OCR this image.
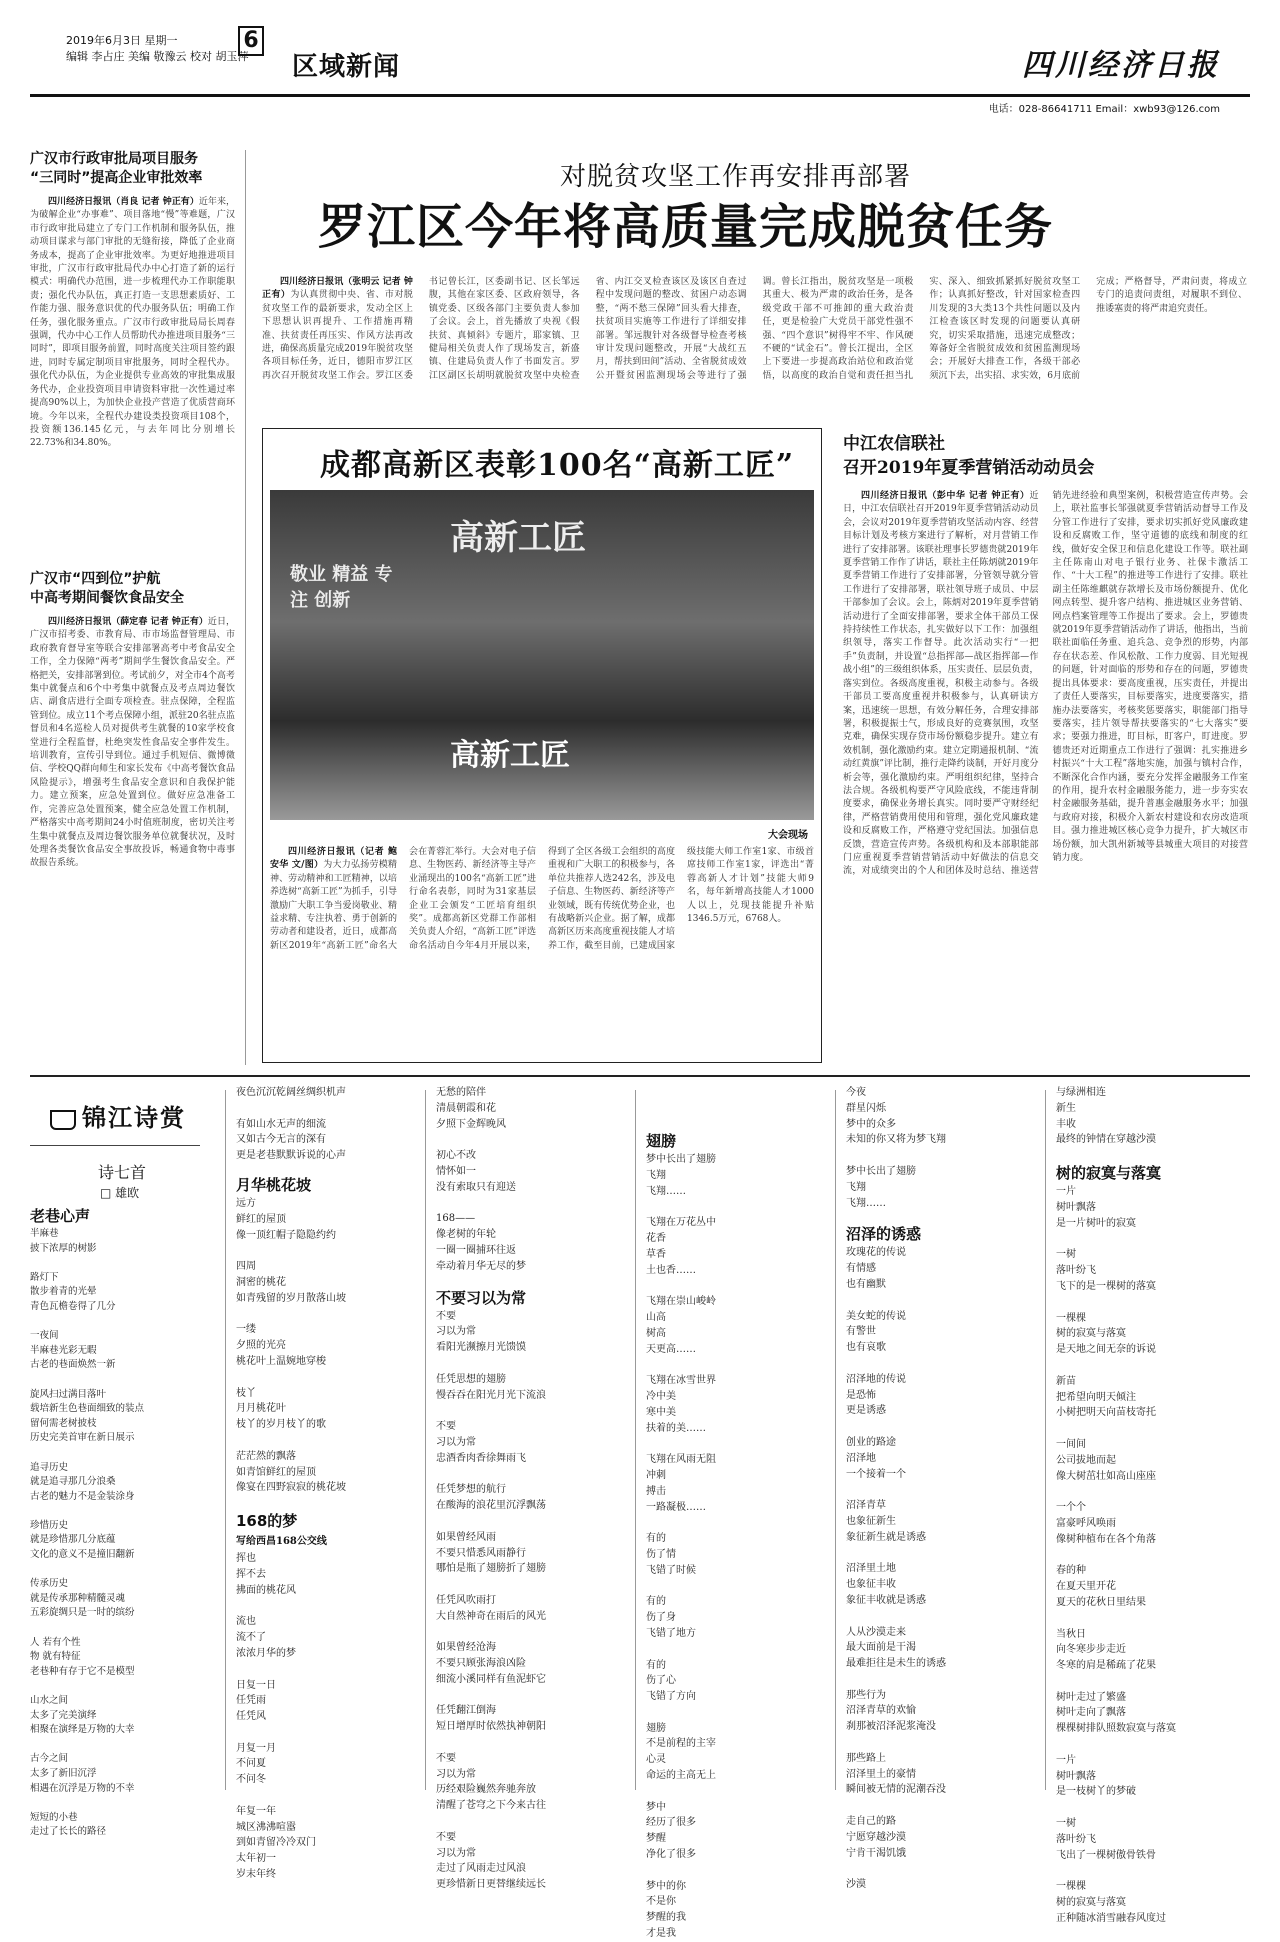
2019年6月3日 星期一
编辑 李占庄 美编 敬豫云 校对 胡玉萍
6
区域新闻	四川经济日报
电话：028-86641711 Email：xwb93@126.com
广汉市行政审批局项目服务
“三同时”提高企业审批效率

四川经济日报讯（肖良 记者 钟正有）近年来，为破解企业“办事难”、项目落地“慢”等难题，广汉市行政审批局建立了专门工作机制和服务队伍，推动项目谋求与部门审批的无缝衔接，降低了企业商务成本，提高了企业审批效率。为更好地推进项目审批，广汉市行政审批局代办中心打造了新的运行模式：明确代办范围，进一步梳理代办工作职能职责；强化代办队伍，真正打造一支思想素质好、工作能力强、服务意识优的代办服务队伍；明确工作任务，强化服务重点。广汉市行政审批局局长周春强调，代办中心工作人员帮助代办推进项目服务“三同时”，即项目服务前置，同时高度关注项目签约跟进，同时专属定制项目审批服务，同时全程代办。强化代办队伍，为企业提供专业高效的审批集成服务代办，企业投资项目申请资料审批一次性通过率提高90%以上，为加快企业投产营造了优质营商环境。今年以来，全程代办建设类投资项目108个，投资额136.145亿元，与去年同比分别增长22.73%和34.80%。

广汉市“四到位”护航
中高考期间餐饮食品安全

四川经济日报讯（薛定春 记者 钟正有）近日，广汉市招考委、市教育局、市市场监督管理局、市政府教育督导室等联合安排部署高考中考食品安全工作，全力保障“两考”期间学生餐饮食品安全。严格把关，安排部署到位。考试前夕，对全市4个高考集中就餐点和6个中考集中就餐点及考点周边餐饮店、副食店进行全面专项检查。驻点保障，全程监管到位。成立11个考点保障小组，派驻20名驻点监督员和4名巡检人员对提供考生就餐的10家学校食堂进行全程监督，杜绝突发性食品安全事件发生。培训教育，宣传引导到位。通过手机短信、微博微信、学校QQ群向师生和家长发布《中高考餐饮食品风险提示》，增强考生食品安全意识和自我保护能力。建立预案，应急处置到位。做好应急准备工作，完善应急处置预案，健全应急处置工作机制，严格落实中高考期间24小时值班制度，密切关注考生集中就餐点及周边餐饮服务单位就餐状况，及时处理各类餐饮食品安全事故投诉，畅通食物中毒事故报告系统。

对脱贫攻坚工作再安排再部署
罗江区今年将高质量完成脱贫任务

四川经济日报讯（张明云 记者 钟正有）为认真贯彻中央、省、市对脱贫攻坚工作的最新要求，发动全区上下思想认识再提升、工作措施再精准、扶贫责任再压实、作风方法再改进，确保高质量完成2019年脱贫攻坚各项目标任务，近日，德阳市罗江区再次召开脱贫攻坚工作会。罗江区委书记曾长江，区委副书记、区长邹远腹，其他在家区委、区政府领导，各镇党委、区级各部门主要负责人参加了会议。会上，首先播放了央视《假扶贫、真倾斜》专题片，耶家镇、卫健局相关负责人作了现场发言，新盛镇、住建局负责人作了书面发言。罗江区副区长胡明就脱贫攻坚中央检查省、内江交叉检查该区及该区自查过程中发现问题的整改、贫困户动态调整，“两不愁三保障”回头看大排查，扶贫项目实施等工作进行了详细安排部署。邹远腹针对各级督导检查考核审计发现问题整改，开展“大战红五月，帮扶到田间”活动、全省脱贫成效公开暨贫困监测现场会等进行了强调。曾长江指出，脱贫攻坚是一项极其重大、极为严肃的政治任务，是各级党政干部不可推卸的重大政治责任，更是检验广大党员干部党性强不强、“四个意识”树得牢不牢、作风硬不硬的“试金石”。曾长江提出，全区上下要进一步提高政治站位和政治觉悟，以高度的政治自觉和责任担当扎实、深入、细致抓紧抓好脱贫攻坚工作；认真抓好整改，针对国家检查四川发现的3大类13个共性问题以及内江检查该区时发现的问题要认真研究，切实采取措施，迅速完成整改；筹备好全省脱贫成效和贫困监测现场会；开展好大排查工作，各级干部必须沉下去，出实招、求实效，6月底前完成；严格督导，严肃问责，将成立专门的追责问责组，对履职不到位、推诿塞责的将严肃追究责任。

成都高新区表彰100名“高新工匠”
高新工匠
敬业 精益 专注 创新
高新工匠
大会现场

四川经济日报讯（记者 鲍安华 文/图）为大力弘扬劳模精神、劳动精神和工匠精神，以培养选树“高新工匠”为抓手，引导激励广大职工争当爱岗敬业、精益求精、专注执着、勇于创新的劳动者和建设者，近日，成都高新区2019年“高新工匠”命名大会在菁蓉汇举行。大会对电子信息、生物医药、新经济等主导产业涌现出的100名“高新工匠”进行命名表彰，同时为31家基层企业工会颁发“工匠培育组织奖”。成都高新区党群工作部相关负责人介绍，“高新工匠”评选命名活动自今年4月开展以来，得到了全区各级工会组织的高度重视和广大职工的积极参与，各单位共推荐人选242名，涉及电子信息、生物医药、新经济等产业领域，既有传统优势企业，也有战略新兴企业。据了解，成都高新区历来高度重视技能人才培养工作，截至目前，已建成国家级技能大师工作室1家、市级首席技师工作室1家，评选出“菁蓉高新人才计划”技能大师9名，每年新增高技能人才1000人以上，兑现技能提升补贴1346.5万元，6768人。

中江农信联社
召开2019年夏季营销活动动员会

四川经济日报讯（彭中华 记者 钟正有）近日，中江农信联社召开2019年夏季营销活动动员会，会议对2019年夏季营销攻坚活动内容、经营目标计划及考核方案进行了解析，对月营销工作进行了安排部署。该联社理事长罗德贵就2019年夏季营销工作作了讲话，联社主任陈炳就2019年夏季营销工作进行了安排部署，分管领导就分管工作进行了安排部署，联社领导班子成员、中层干部参加了会议。会上，陈炳对2019年夏季营销活动进行了全面安排部署，要求全体干部员工保持持续性工作状态，扎实做好以下工作：加强组织领导，落实工作督导。此次活动实行“一把手”负责制，并设置“总指挥部—战区指挥部—作战小组”的三级组织体系，压实责任、层层负责，落实到位。各级高度重视，积极主动参与。各级干部员工要高度重视并积极参与，认真研读方案，迅速统一思想，有效分解任务，合理安排部署，积极提振士气，形成良好的竞赛氛围，攻坚克难，确保实现存贷市场份额稳步提升。建立有效机制，强化激励约束。建立定期通报机制、“流动红黄旗”评比制，推行走降约谈制，开好月度分析会等，强化激励约束。严明组织纪律，坚持合法合规。各级机构要严守风险底线，不能违背制度要求，确保业务增长真实。同时要严守财经纪律，严格营销费用使用和管理，强化党风廉政建设和反腐败工作，严格遵守党纪国法。加强信息反馈，营造宣传声势。各级机构和及本部职能部门应重视夏季营销营销活动中好做法的信息交流，对成绩突出的个人和团体及时总结、推送营销先进经验和典型案例，积极营造宣传声势。会上，联社监事长邹强就夏季营销活动督导工作及分管工作进行了安排，要求切实抓好党风廉政建设和反腐败工作，坚守道德的底线和制度的红线，做好安全保卫和信息化建设工作等。联社副主任陈南山对电子银行业务、社保卡激活工作、“十大工程”的推进等工作进行了安排。联社副主任陈维麒就存款增长及市场份额提升、优化网点转型、提升客户结构、推进城区业务营销、网点档案管理等工作提出了要求。会上，罗德贵就2019年夏季营销活动作了讲话，他指出，当前联社面临任务重、追兵急、竞争烈的形势，内部存在状态差、作风松散、工作力度弱、目光短视的问题，针对面临的形势和存在的问题，罗德贵提出具体要求：要高度重视，压实责任，并提出了责任人要落实，目标要落实，进度要落实，措施办法要落实，考核奖惩要落实，职能部门指导要落实，挂片领导帮扶要落实的“七大落实”要求；要强力推进，盯目标，盯客户，盯进度。罗德贵还对近期重点工作进行了强调：扎实推进乡村振兴“十大工程”落地实施，加强与镇村合作，不断深化合作内涵，要充分发挥金融服务工作室的作用，提升农村金融服务能力，进一步夯实农村金融服务基础，提升普惠金融服务水平；加强与政府对接，积极介入新农村建设和农房改造项目。强力推进城区核心竞争力提升，扩大城区市场份额，加大凯州新城等县城重大项目的对接营销力度。

锦江诗赏
诗七首
□ 雄欧
老巷心声
半麻巷
披下浓厚的树影

路灯下
散步着青的光晕
青色瓦檐卷得了几分

一夜间
半麻巷光彩无暇
古老的巷面焕然一新

旋风扫过满目落叶
载培新生色巷面细致的装点
留何需老树披枝
历史完美首审在新日展示

追寻历史
就是追寻那几分浪桑
古老的魅力不是金装涂身

珍惜历史
就是珍惜那几分底蕴
文化的意义不是撞旧翻新

传承历史
就是传承那种精髓灵魂
五彩旋绸只是一时的缤纷

人 若有个性
物 就有特征
老巷种有存于它不是模型

山水之间
太多了完美演绎
相聚在演绎是万物的大幸

古今之间
太多了新旧沉浮
相遇在沉浮是万物的不幸

短短的小巷
走过了长长的路径
夜色沉沉乾阔丝绸织机声

有如山水无声的细流
又如古今无言的深有
更是老巷默默诉说的心声
月华桃花坡
远方
鲜红的屋顶
像一顶红帽子隐隐约约

四周
洞密的桃花
如青残留的岁月散落山坡

一缕
夕照的光亮
桃花叶上温婉地穿梭

枝丫
月月桃花叶
枝丫的岁月枝丫的歌

茫茫然的飘落
如青馆鲜红的屋顶
像宴在四野寂寂的桃花坡
168的梦
写给西昌168公交线
挥也
挥不去
拂面的桃花风

流也
流不了
浓浓月华的梦

日复一日
任凭雨
任凭风

月复一月
不问夏
不问冬

年复一年
城区沸沸喧嚣
到如青留冷冷双门
太年初一
岁末年终
无愁的陪伴
清晨朝霞和花
夕照下金辉晚风

初心不改
情怀如一
没有索取只有迎送

168——
像老树的年轮
一圈一圈捕环往返
牵动着月华无尽的梦
不要习以为常
不要
习以为常
看阳光濒擦月光馈馍

任凭思想的翅膀
慢吞吞在阳光月光下流浪

不要
习以为常
忠酒香肉香徐舞雨飞

任凭梦想的航行
在酸海的浪花里沉浮飘荡

如果曾经风雨
不要只惜悉风雨静行
哪怕是瓶了翅膀折了翅膀

任凭风吹雨打
大自然神奇在雨后的风光

如果曾经沧海
不要只顾张海浪凶险
细流小溪同样有鱼泥虾它

任凭翻江倒海
短日增厚时依然执神朝阳

不要
习以为常
历经艰险巍然奔驰奔放
清醒了苍穹之下今来古往

不要
习以为常
走过了风雨走过风浪
更珍惜新日更替继续远长
翅膀
梦中长出了翅膀
飞翔
飞翔……

飞翔在万花丛中
花香
草香
土也香……

飞翔在崇山峻岭
山高
树高
天更高……

飞翔在冰雪世界
冷中美
寒中美
扶着的美……

飞翔在风雨无阻
冲刺
搏击
一路凝极……

有的
伤了情
飞错了时候

有的
伤了身
飞错了地方

有的
伤了心
飞错了方向

翅膀
不是前程的主宰
心灵
命运的主高无上

梦中
经历了很多
梦醒
净化了很多

梦中的你
不是你
梦醒的我
才是我
今夜
群星闪烁
梦中的众多
未知的你又将为梦飞翔

梦中长出了翅膀
飞翔
飞翔……
沼泽的诱惑
玫瑰花的传说
有情感
也有幽默

美女蛇的传说
有警世
也有哀歌

沼泽地的传说
是恐怖
更是诱惑

创业的路途
沼泽地
一个接着一个

沼泽青草
也象征新生
象征新生就是诱惑

沼泽里土地
也象征丰收
象征丰收就是诱惑

人从沙漠走来
最大面前是干渴
最难拒往是未生的诱惑

那些行为
沼泽青草的欢愉
刹那被沼泽泥浆淹没

那些路上
沼泽里土的豪情
瞬间被无情的泥潮吞没

走自己的路
宁愿穿越沙漠
宁肯干渴饥饿

沙漠
与绿洲相连
新生
丰收
最终的钟情在穿越沙漠
树的寂寞与落寞
一片
树叶飘落
是一片树叶的寂寞

一树
落叶纷飞
飞下的是一棵树的落寞

一棵棵
树的寂寞与落寞
是天地之间无奈的诉说

新苗
把希望向明天倾注
小树把明天向苗枝寄托

一间间
公司拔地而起
像大树茁壮如高山座座

一个个
富豪呼风唤雨
像树种植布在各个角落

春的种
在夏天里开花
夏天的花秋日里结果

当秋日
向冬寒步步走近
冬寒的肩是稀疏了花果

树叶走过了繁盛
树叶走向了飘落
棵棵树排队照数寂寞与落寞

一片
树叶飘落
是一枝树丫的梦破

一树
落叶纷飞
飞出了一棵树傲骨铁骨

一棵棵
树的寂寞与落寞
正种随冰消雪融春风度过
